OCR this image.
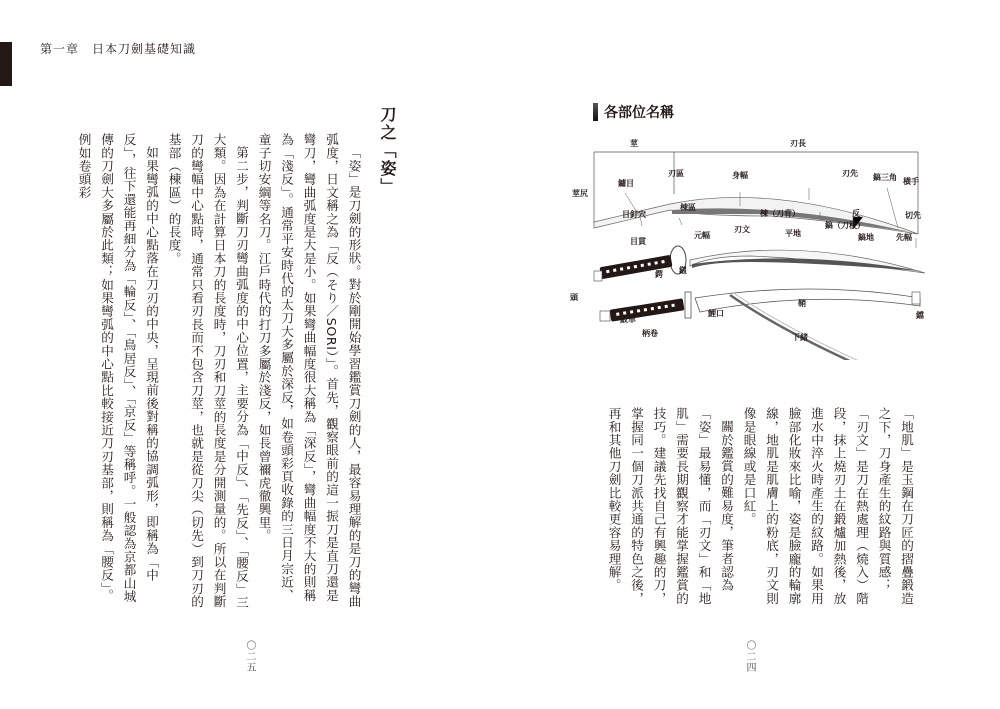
第一章　日本刀劍基礎知識
刀之「姿」

「姿」是刀劍的形狀。對於剛開始學習鑑賞刀劍的人，最容易理解的是刀的彎曲弧度，日文稱之為「反（そり／SORI）」。首先，觀察眼前的這一振刀是直刀還是彎刀，彎曲弧度是大是小。如果彎曲幅度很大稱為「深反」，彎曲幅度不大的則稱為「淺反」。通常平安時代的太刀大多屬於深反，如卷頭彩頁收錄的三日月宗近、童子切安綱等名刀。江戶時代的打刀多屬於淺反，如長曾禰虎徹興里。

第二步，判斷刀刃彎曲弧度的中心位置，主要分為「中反」、「先反」、「腰反」三大類。因為在計算日本刀的長度時，刀刃和刀莖的長度是分開測量的。所以在判斷刀的彎幅中心點時，通常只看刃長而不包含刀莖，也就是從刀尖（切先）到刀刃的基部（棟區）的長度。

如果彎弧的中心點落在刀刃的中央，呈現前後對稱的協調弧形，即稱為「中反」，往下還能再細分為「輪反」、「鳥居反」、「京反」等稱呼。一般認為京都山城傳的刀劍大多屬於此類；如果彎弧的中心點比較接近刀刃基部，則稱為「腰反」。例如卷頭彩

〇二五
各部位名稱
莖	刃長
莖尻
鑢目
目釘穴
刃區
棟區
身幅
棟（刀背）	反
刃先 鎬三角 橫手
切先
鎬（刀稜）
目貫
元幅
刃文	平地	鎬地	先幅
鍔 鎺
頭
鮫革
柄卷
鯉口
鞘
下緒
鐺

「地肌」是玉鋼在刀匠的摺疊鍛造之下，刀身產生的紋路與質感；「刃文」是刀在熱處理（燒入）階段，抹上燒刃土在鍛爐加熱後，放進水中淬火時產生的紋路。如果用臉部化妝來比喻，姿是臉龐的輪廓線，地肌是肌膚上的粉底，刃文則像是眼線或是口紅。

關於鑑賞的難易度，筆者認為「姿」最易懂，而「刃文」和「地肌」需要長期觀察才能掌握鑑賞的技巧。建議先找自己有興趣的刀，掌握同一個刀派共通的特色之後，再和其他刀劍比較更容易理解。

〇二四
